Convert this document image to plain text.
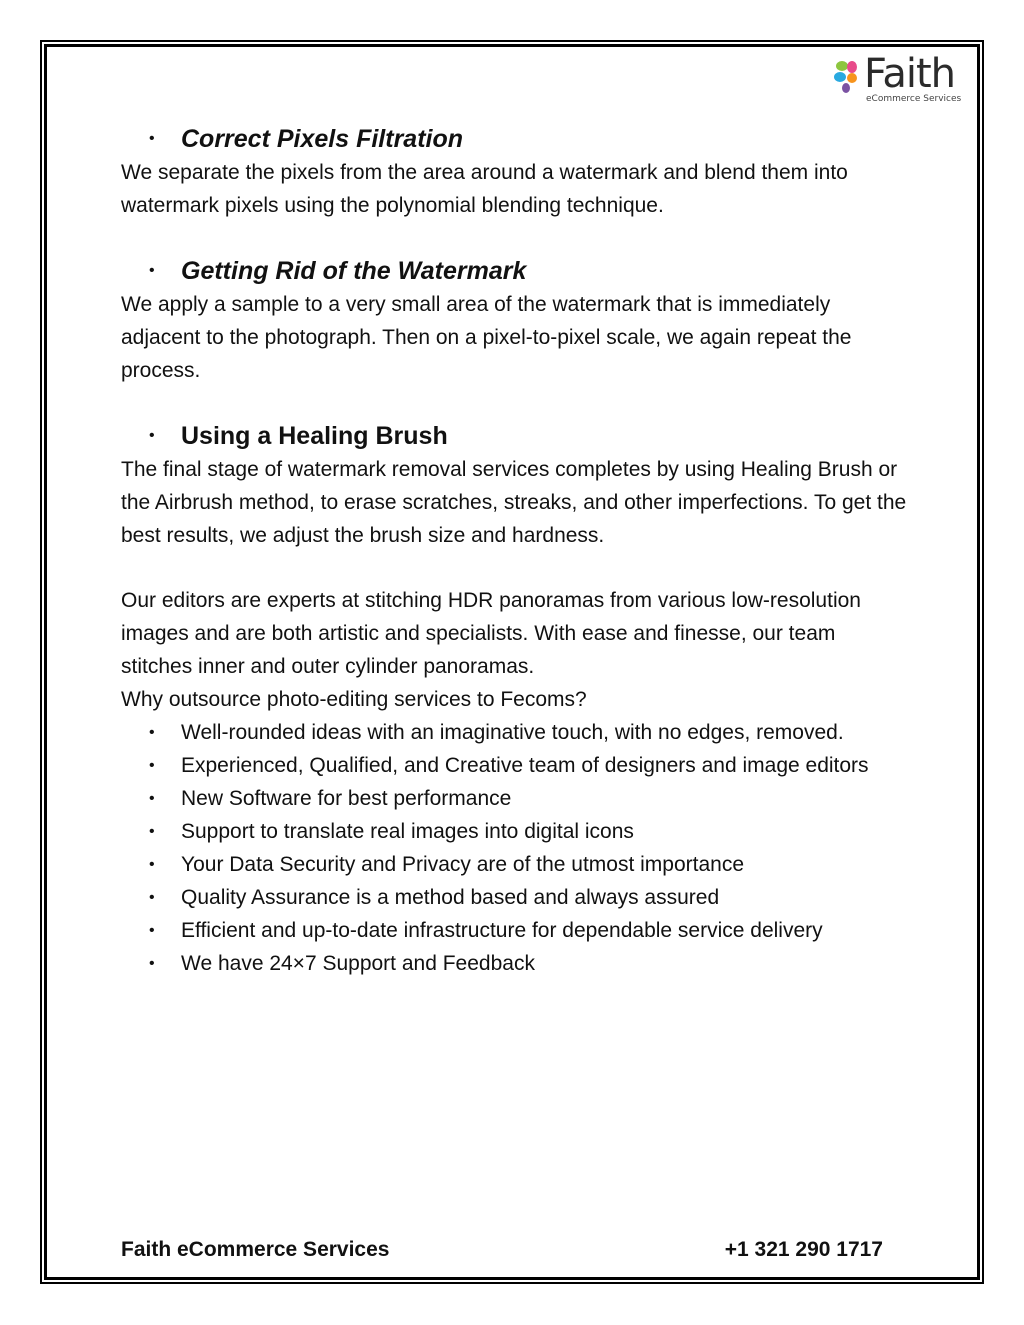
Faith
eCommerce Services
• Correct Pixels Filtration

We separate the pixels from the area around a watermark and blend them into watermark pixels using the polynomial blending technique.

• Getting Rid of the Watermark

We apply a sample to a very small area of the watermark that is immediately adjacent to the photograph. Then on a pixel-to-pixel scale, we again repeat the process.

• Using a Healing Brush

The final stage of watermark removal services completes by using Healing Brush or the Airbrush method, to erase scratches, streaks, and other imperfections. To get the best results, we adjust the brush size and hardness.

Our editors are experts at stitching HDR panoramas from various low-resolution images and are both artistic and specialists. With ease and finesse, our team stitches inner and outer cylinder panoramas.

Why outsource photo-editing services to Fecoms?

• Well-rounded ideas with an imaginative touch, with no edges, removed.
• Experienced, Qualified, and Creative team of designers and image editors
• New Software for best performance
• Support to translate real images into digital icons
• Your Data Security and Privacy are of the utmost importance
• Quality Assurance is a method based and always assured
• Efficient and up-to-date infrastructure for dependable service delivery
• We have 24×7 Support and Feedback
Faith eCommerce Services	+1 321 290 1717
